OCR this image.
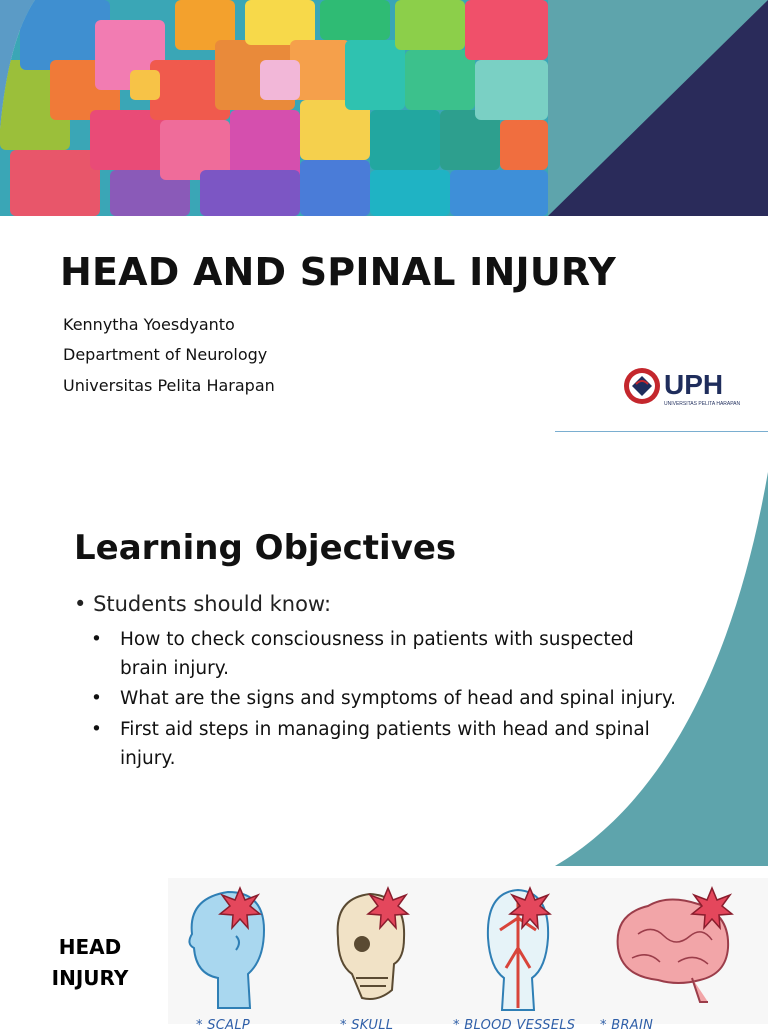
HEAD AND SPINAL INJURY
Kennytha Yoesdyanto
Department of Neurology
Universitas Pelita Harapan	UPH
UNIVERSITAS PELITA HARAPAN
Learning Objectives
• Students should know:
• How to check consciousness in patients with suspected brain injury.
• What are the signs and symptoms of head and spinal injury.
• First aid steps in managing patients with head and spinal injury.
HEAD INJURY
* SCALP	* SKULL	* BLOOD VESSELS * BRAIN
